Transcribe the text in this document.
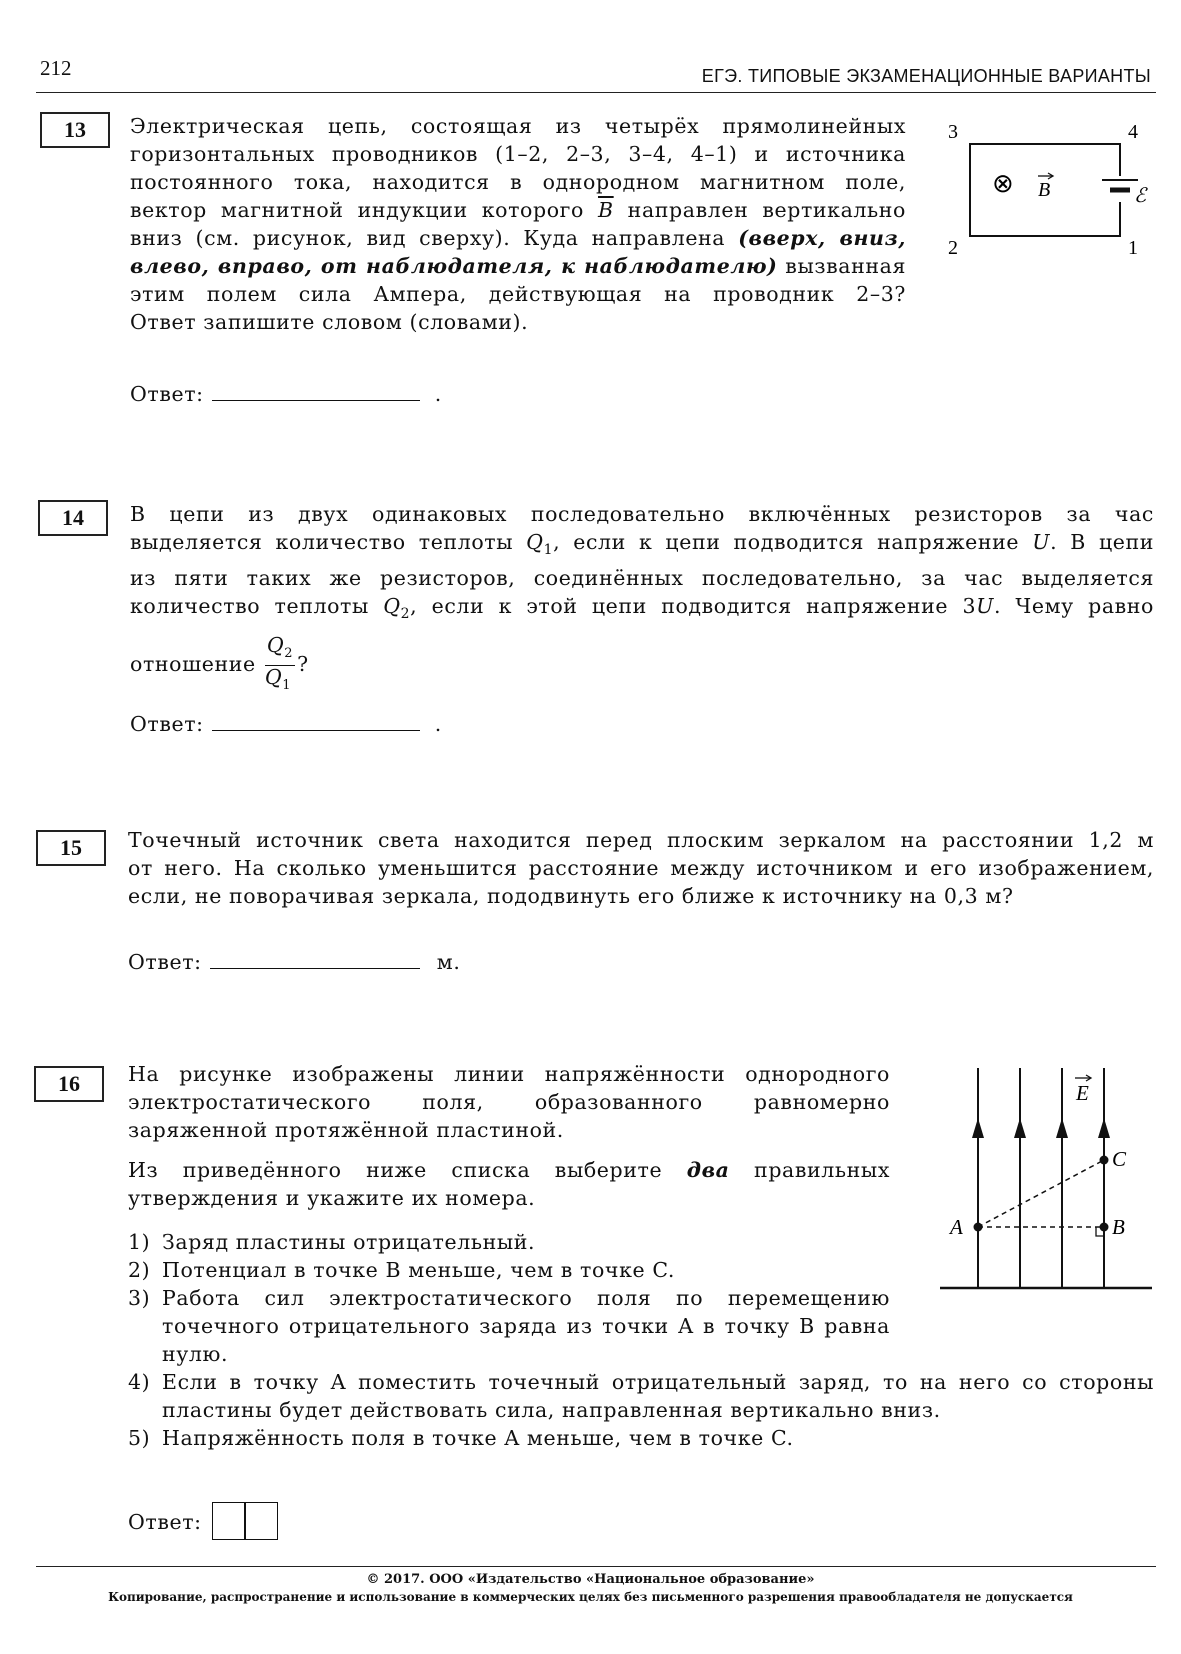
212	ЕГЭ. ТИПОВЫЕ ЭКЗАМЕНАЦИОННЫЕ ВАРИАНТЫ
13	Электрическая цепь, состоящая из четырёх прямолинейных
горизонтальных проводников (1–2, 2–3, 3–4, 4–1) и источника
постоянного тока, находится в однородном магнитном поле,
вектор магнитной индукции которого $\overline{B}$ направлен вертикально
вниз (см. рисунок, вид сверху). Куда направлена (вверх, вниз,
влево, вправо, от наблюдателя, к наблюдателю) вызванная
этим полем сила Ампера, действующая на проводник 2–3?
Ответ запишите словом (словами).
3	4
2	1
⊗ B	ℰ
Ответ:	.
14	В цепи из двух одинаковых последовательно включённых резисторов за час
выделяется количество теплоты $Q_1$, если к цепи подводится напряжение U. В цепи
из пяти таких же резисторов, соединённых последовательно, за час выделяется
количество теплоты $Q_2$, если к этой цепи подводится напряжение 3U. Чему равно
отношение $\frac{Q_2}{Q_1}$ ?
Ответ:	.
15	Точечный источник света находится перед плоским зеркалом на расстоянии 1,2 м
от него. На сколько уменьшится расстояние между источником и его изображением,
если, не поворачивая зеркала, пододвинуть его ближе к источнику на 0,3 м?
Ответ:	м.
16	На рисунке изображены линии напряжённости однородного
электростатического поля, образованного равномерно
заряженной протяжённой пластиной.
Из приведённого ниже списка выберите два правильных
утверждения и укажите их номера.
1) Заряд пластины отрицательный.
2) Потенциал в точке B меньше, чем в точке C.
3) Работа сил электростатического поля по перемещению точечного отрицательного заряда из точки A в точку B равна нулю.
4) Если в точку A поместить точечный отрицательный заряд, то на него со стороны пластины будет действовать сила, направленная вертикально вниз.
5) Напряжённость поля в точке A меньше, чем в точке C.
A	B
C
E
Ответ:
© 2017. ООО «Издательство «Национальное образование»
Копирование, распространение и использование в коммерческих целях без письменного разрешения правообладателя не допускается
